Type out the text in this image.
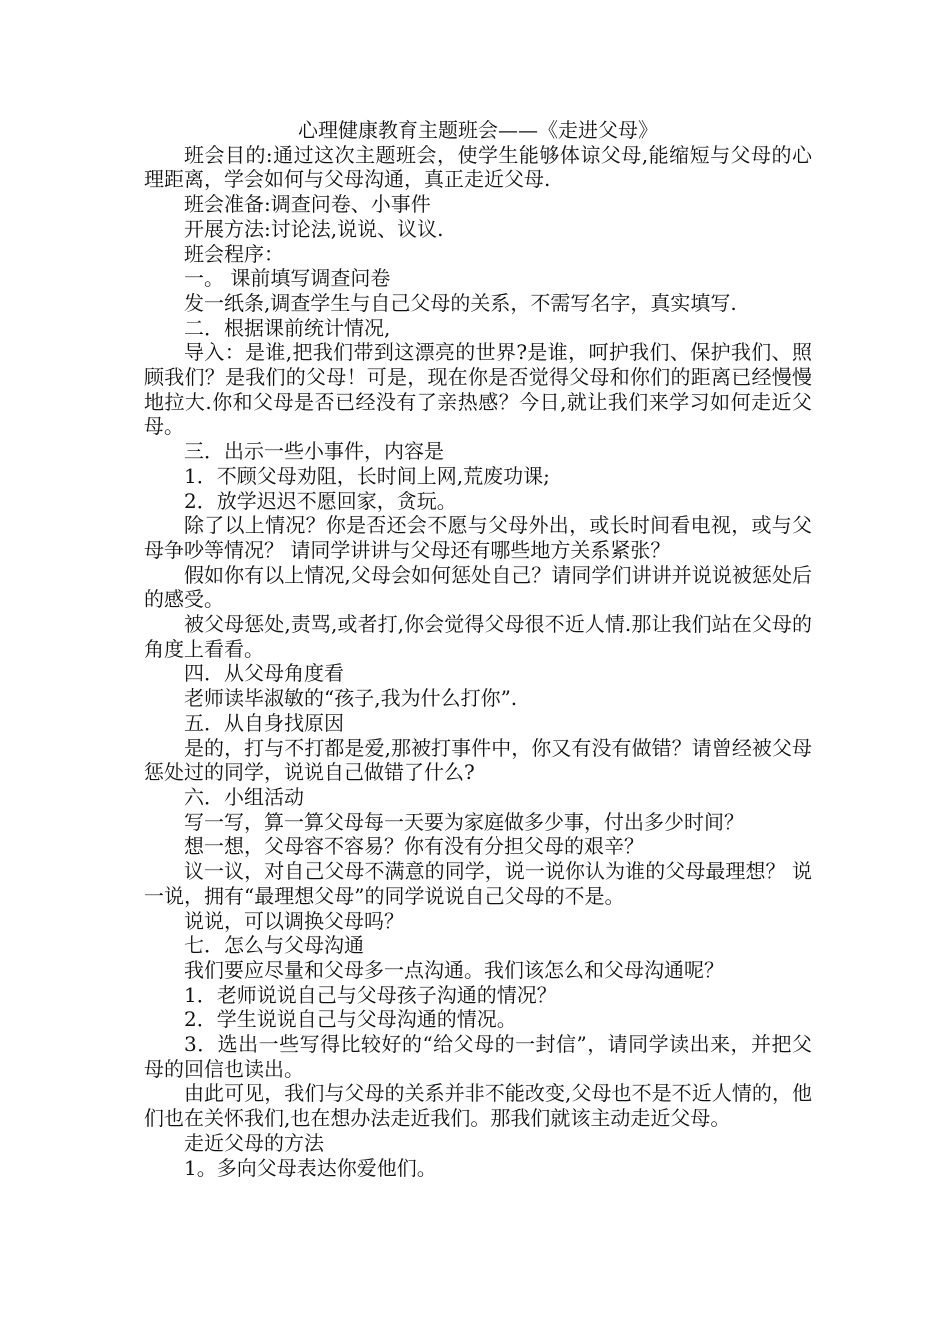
心理健康教育主题班会——《走进父母》

班会目的:通过这次主题班会，使学生能够体谅父母,能缩短与父母的心理距离，学会如何与父母沟通，真正走近父母.

班会准备:调查问卷、小事件

开展方法:讨论法,说说、议议.

班会程序：

一。 课前填写调查问卷

发一纸条,调查学生与自己父母的关系，不需写名字，真实填写.

二．根据课前统计情况,

导入：是谁,把我们带到这漂亮的世界?是谁，呵护我们、保护我们、照顾我们？是我们的父母！可是，现在你是否觉得父母和你们的距离已经慢慢地拉大.你和父母是否已经没有了亲热感？今日,就让我们来学习如何走近父母。

三．出示一些小事件，内容是

1．不顾父母劝阻，长时间上网,荒废功课;

2．放学迟迟不愿回家，贪玩。

除了以上情况？你是否还会不愿与父母外出，或长时间看电视，或与父母争吵等情况？ 请同学讲讲与父母还有哪些地方关系紧张？

假如你有以上情况,父母会如何惩处自己？请同学们讲讲并说说被惩处后的感受。

被父母惩处,责骂,或者打,你会觉得父母很不近人情.那让我们站在父母的角度上看看。

四．从父母角度看

老师读毕淑敏的“孩子,我为什么打你”.

五．从自身找原因

是的，打与不打都是爱,那被打事件中，你又有没有做错？请曾经被父母惩处过的同学，说说自己做错了什么?

六．小组活动

写一写，算一算父母每一天要为家庭做多少事，付出多少时间？

想一想，父母容不容易？你有没有分担父母的艰辛？

议一议，对自己父母不满意的同学，说一说你认为谁的父母最理想？ 说一说，拥有“最理想父母”的同学说说自己父母的不是。

说说，可以调换父母吗？

七．怎么与父母沟通

我们要应尽量和父母多一点沟通。我们该怎么和父母沟通呢？

1．老师说说自己与父母孩子沟通的情况？

2．学生说说自己与父母沟通的情况。

3．选出一些写得比较好的“给父母的一封信”，请同学读出来，并把父母的回信也读出。

由此可见，我们与父母的关系并非不能改变,父母也不是不近人情的，他们也在关怀我们,也在想办法走近我们。那我们就该主动走近父母。

走近父母的方法

1。多向父母表达你爱他们。
